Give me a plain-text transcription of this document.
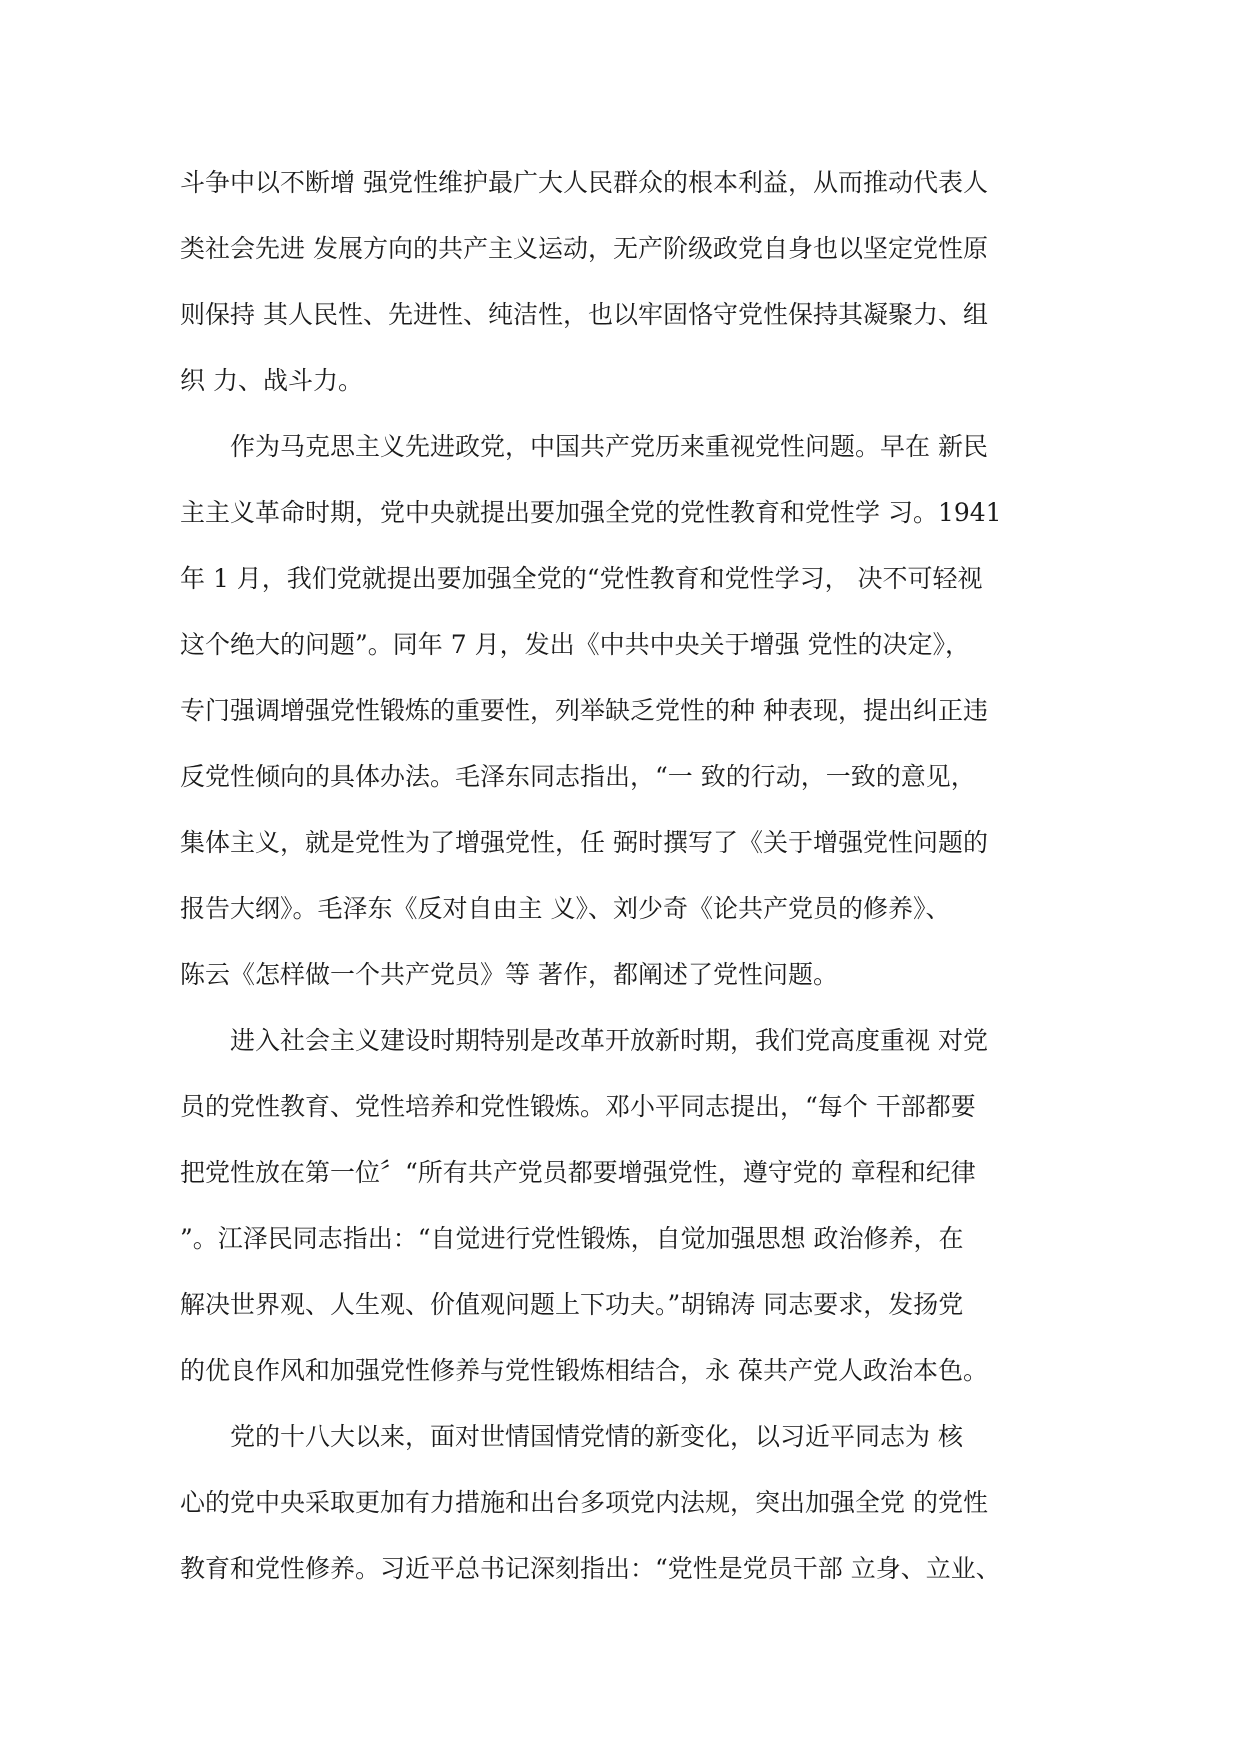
斗争中以不断增 强党性维护最广大人民群众的根本利益，从而推动代表人
类社会先进 发展方向的共产主义运动，无产阶级政党自身也以坚定党性原
则保持 其人民性、先进性、纯洁性，也以牢固恪守党性保持其凝聚力、组
织 力、战斗力。
作为马克思主义先进政党，中国共产党历来重视党性问题。早在 新民
主主义革命时期，党中央就提出要加强全党的党性教育和党性学 习。1941
年 1 月，我们党就提出要加强全党的“党性教育和党性学习， 决不可轻视
这个绝大的问题”。同年 7 月，发出《中共中央关于增强 党性的决定》，
专门强调增强党性锻炼的重要性，列举缺乏党性的种 种表现，提出纠正违
反党性倾向的具体办法。毛泽东同志指出，“一 致的行动，一致的意见，
集体主义，就是党性为了增强党性，任 弼时撰写了《关于增强党性问题的
报告大纲》。毛泽东《反对自由主 义》、刘少奇《论共产党员的修养》、
陈云《怎样做一个共产党员》等 著作，都阐述了党性问题。
进入社会主义建设时期特别是改革开放新时期，我们党高度重视 对党
员的党性教育、党性培养和党性锻炼。邓小平同志提出，“每个 干部都要
把党性放在第一位〞“所有共产党员都要增强党性，遵守党的 章程和纪律
”。江泽民同志指出：“自觉进行党性锻炼，自觉加强思想 政治修养，在
解决世界观、人生观、价值观问题上下功夫。”胡锦涛 同志要求，发扬党
的优良作风和加强党性修养与党性锻炼相结合，永 葆共产党人政治本色。
党的十八大以来，面对世情国情党情的新变化，以习近平同志为 核
心的党中央采取更加有力措施和出台多项党内法规，突出加强全党 的党性
教育和党性修养。习近平总书记深刻指出：“党性是党员干部 立身、立业、
